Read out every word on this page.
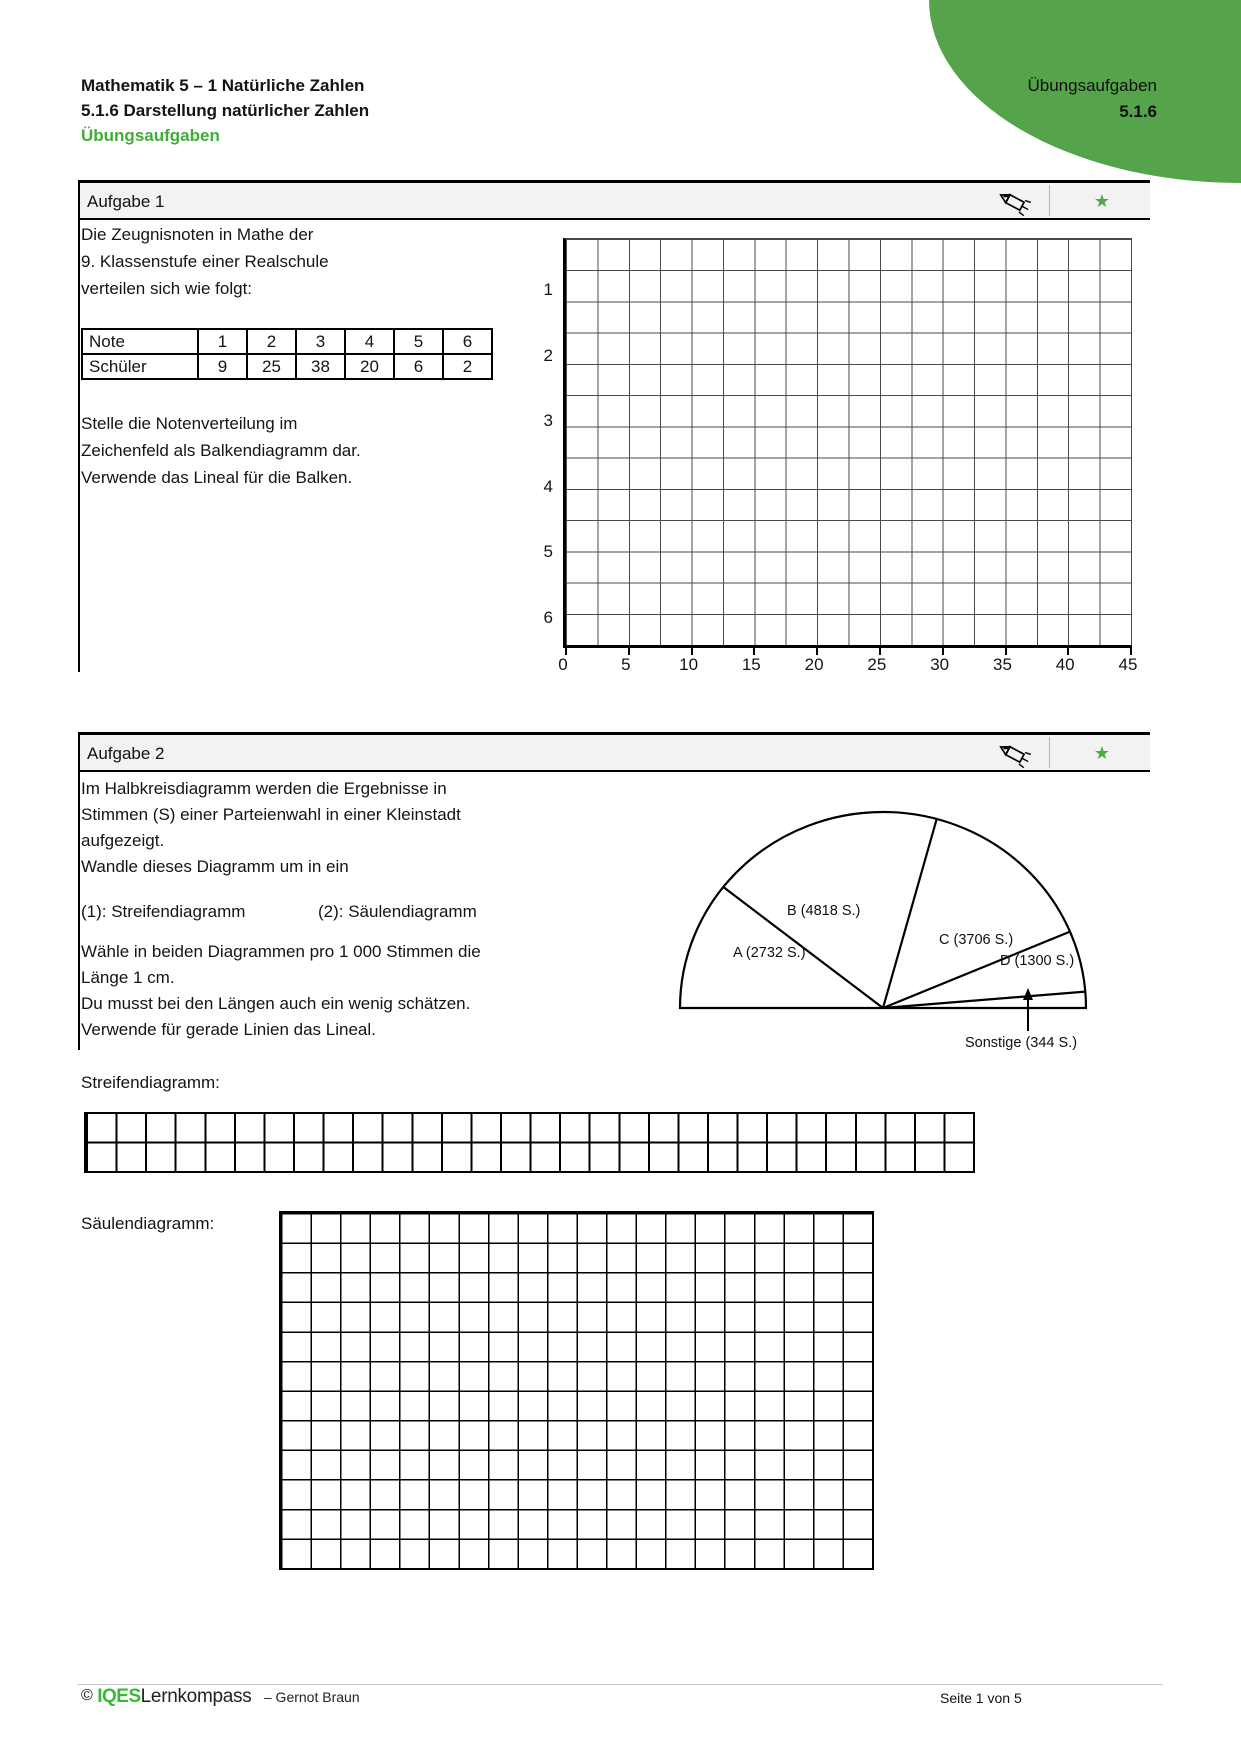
Übungsaufgaben
5.1.6
Mathematik 5 – 1 Natürliche Zahlen
5.1.6 Darstellung natürlicher Zahlen
Übungsaufgaben
Aufgabe 1	★
Die Zeugnisnoten in Mathe der
9. Klassenstufe einer Realschule
verteilen sich wie folgt:
Note	1	2	3	4	5	6
Schüler	9	25	38	20	6	2
Stelle die Notenverteilung im
Zeichenfeld als Balkendiagramm dar.
Verwende das Lineal für die Balken.
1
2
3
4
5
6
0	5	10	15	20	25	30	35	40	45
Aufgabe 2	★
Im Halbkreisdiagramm werden die Ergebnisse in
Stimmen (S) einer Parteienwahl in einer Kleinstadt
aufgezeigt.
Wandle dieses Diagramm um in ein
(1): Streifendiagramm	(2): Säulendiagramm
Wähle in beiden Diagrammen pro 1 000 Stimmen die
Länge 1 cm.
Du musst bei den Längen auch ein wenig schätzen.
Verwende für gerade Linien das Lineal.
A (2732 S.)
B (4818 S.)
C (3706 S.)
D (1300 S.)
Sonstige (344 S.)
Streifendiagramm:
Säulendiagramm:
© IQESLernkompass – Gernot Braun	Seite 1 von 5
